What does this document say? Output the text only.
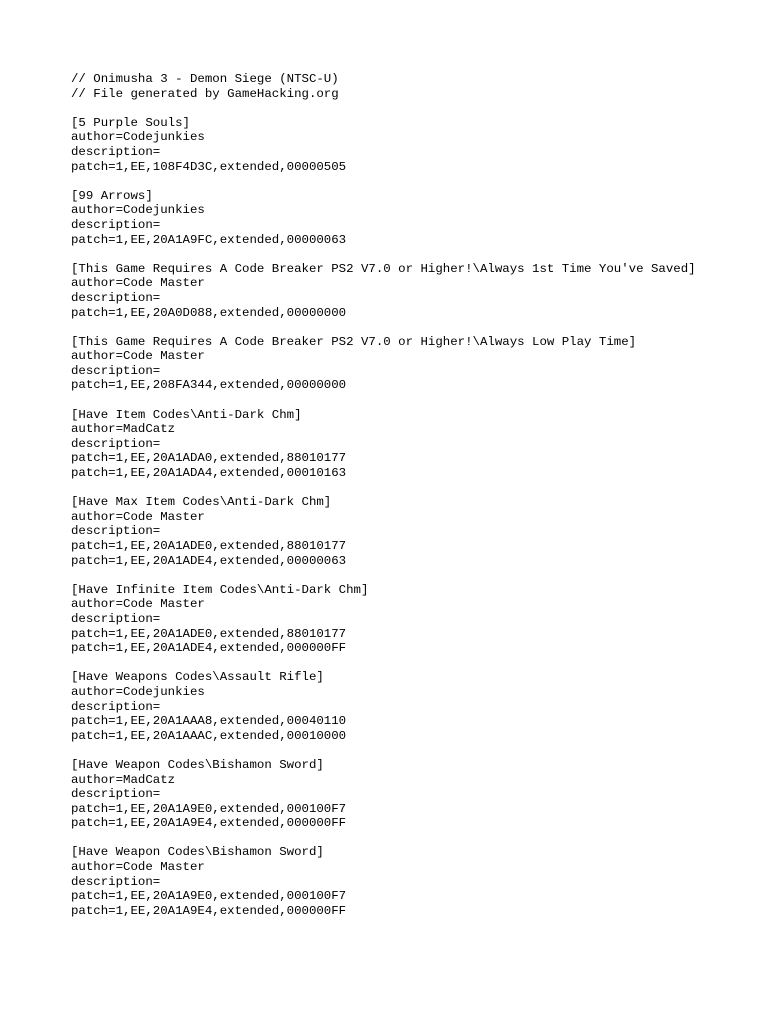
// Onimusha 3 - Demon Siege (NTSC-U)
// File generated by GameHacking.org
[5 Purple Souls]
author=Codejunkies
description=
patch=1,EE,108F4D3C,extended,00000505
[99 Arrows]
author=Codejunkies
description=
patch=1,EE,20A1A9FC,extended,00000063
[This Game Requires A Code Breaker PS2 V7.0 or Higher!\Always 1st Time You've Saved]
author=Code Master
description=
patch=1,EE,20A0D088,extended,00000000
[This Game Requires A Code Breaker PS2 V7.0 or Higher!\Always Low Play Time]
author=Code Master
description=
patch=1,EE,208FA344,extended,00000000
[Have Item Codes\Anti-Dark Chm]
author=MadCatz
description=
patch=1,EE,20A1ADA0,extended,88010177
patch=1,EE,20A1ADA4,extended,00010163
[Have Max Item Codes\Anti-Dark Chm]
author=Code Master
description=
patch=1,EE,20A1ADE0,extended,88010177
patch=1,EE,20A1ADE4,extended,00000063
[Have Infinite Item Codes\Anti-Dark Chm]
author=Code Master
description=
patch=1,EE,20A1ADE0,extended,88010177
patch=1,EE,20A1ADE4,extended,000000FF
[Have Weapons Codes\Assault Rifle]
author=Codejunkies
description=
patch=1,EE,20A1AAA8,extended,00040110
patch=1,EE,20A1AAAC,extended,00010000
[Have Weapon Codes\Bishamon Sword]
author=MadCatz
description=
patch=1,EE,20A1A9E0,extended,000100F7
patch=1,EE,20A1A9E4,extended,000000FF
[Have Weapon Codes\Bishamon Sword]
author=Code Master
description=
patch=1,EE,20A1A9E0,extended,000100F7
patch=1,EE,20A1A9E4,extended,000000FF
